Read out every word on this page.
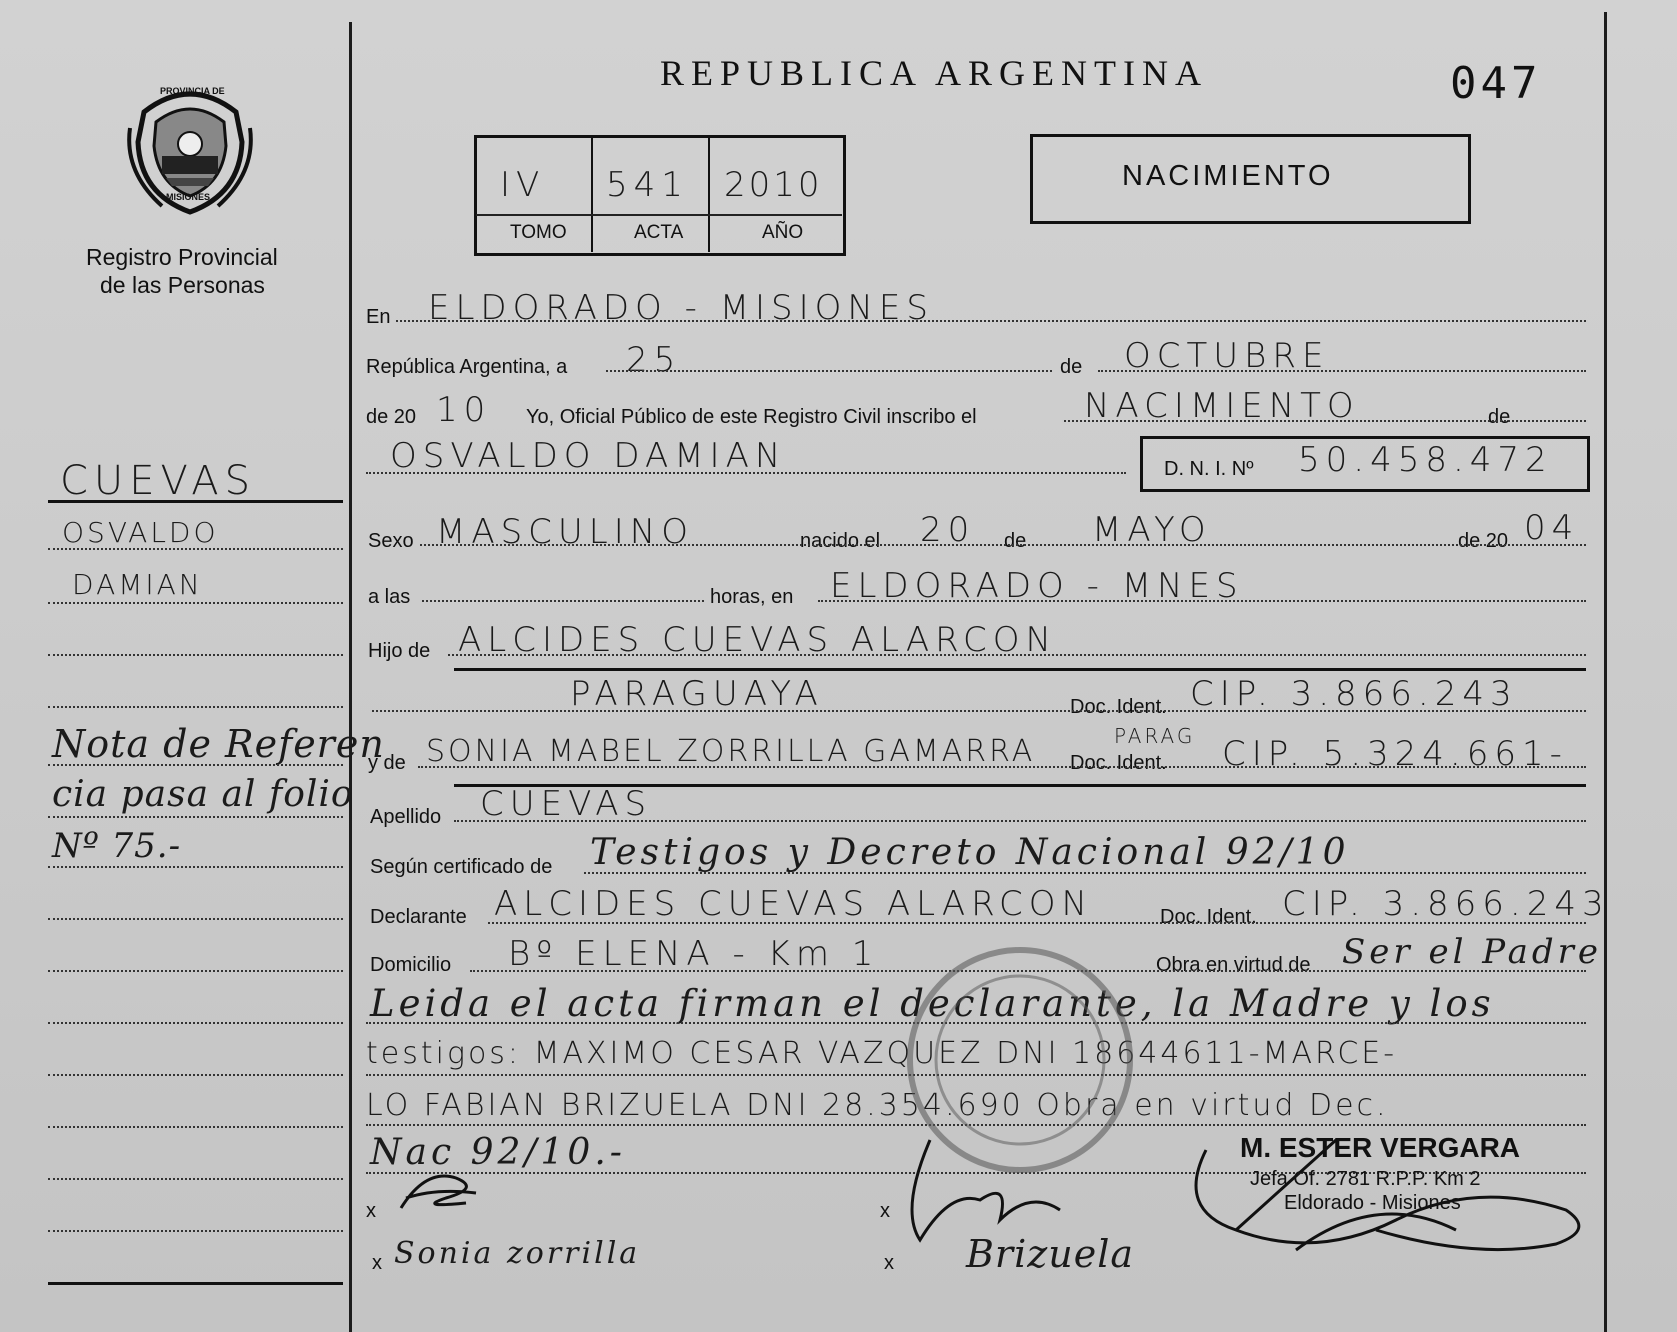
PROVINCIA DE
MISIONES
Registro Provincial
de las Personas
REPUBLICA ARGENTINA	047
IV 541 2010
TOMO	ACTA	AÑO
NACIMIENTO
CUEVAS
OSVALDO
DAMIAN
Nota de Referen
cia pasa al folio
Nº 75.-
En ELDORADO - MISIONES
República Argentina, a 25	de OCTUBRE
de 20 10 Yo, Oficial Público de este Registro Civil inscribo el	NACIMIENTO	de
OSVALDO DAMIAN	D. N. I. Nº 50.458.472
Sexo MASCULINO	nacido el 20 de MAYO	de 20 04
a las	horas, en ELDORADO - MNES
Hijo de ALCIDES CUEVAS ALARCON
PARAGUAYA	Doc. Ident. CIP. 3.866.243
y de SONIA MABEL ZORRILLA GAMARRA Doc. Ident.
PARAG CIP. 5.324.661-
Apellido CUEVAS
Según certificado de Testigos y Decreto Nacional 92/10
Declarante ALCIDES CUEVAS ALARCON	Doc. Ident. CIP. 3.866.243
Domicilio Bº ELENA - Km 1	Obra en virtud de Ser el Padre
Leida el acta firman el declarante, la Madre y los
testigos: MAXIMO CESAR VAZQUEZ DNI 18644611-MARCE-
LO FABIAN BRIZUELA DNI 28.354.690 Obra en virtud Dec.
Nac 92/10.-	M. ESTER VERGARA
Jefa Of. 2781 R.P.P. Km 2
Eldorado - Misiones
x	x
x	x
Sonia zorrilla	Brizuela
